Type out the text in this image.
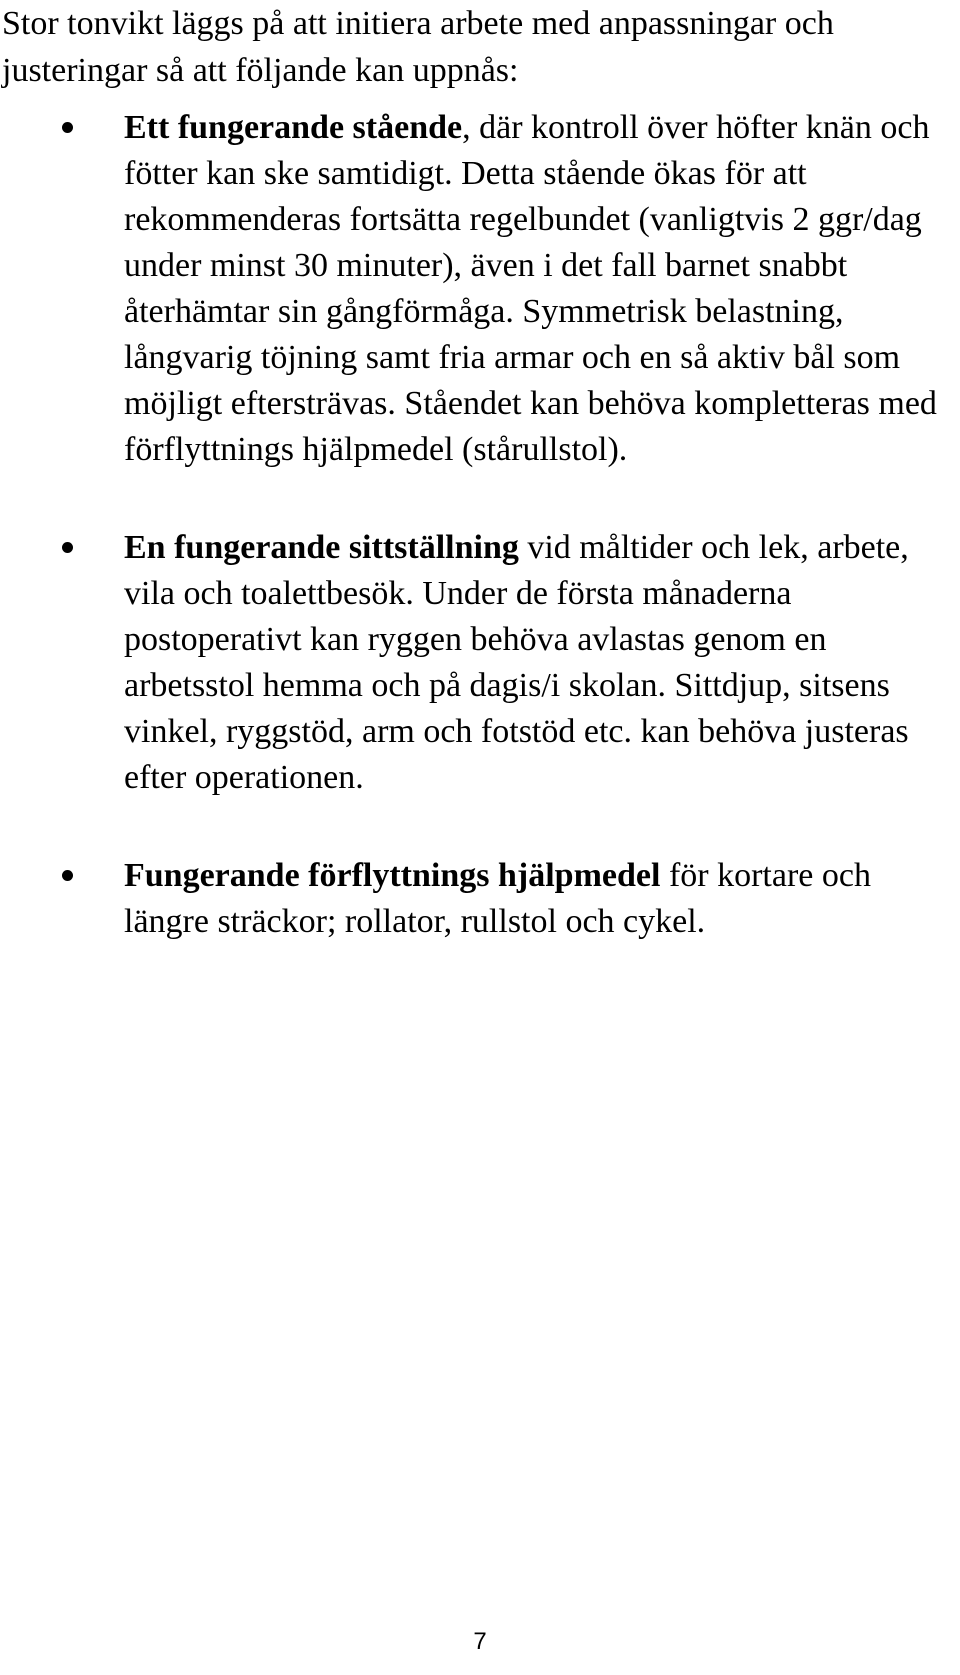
Stor tonvikt läggs på att initiera arbete med anpassningar och justeringar så att följande kan uppnås:

Ett fungerande stående, där kontroll över höfter knän och fötter kan ske samtidigt. Detta stående ökas för att rekommenderas fortsätta regelbundet (vanligtvis 2 ggr/dag under minst 30 minuter), även i det fall barnet snabbt återhämtar sin gångförmåga. Symmetrisk belastning, långvarig töjning samt fria armar och en så aktiv bål som möjligt eftersträvas. Ståendet kan behöva kompletteras med förflyttnings hjälpmedel (stårullstol).
En fungerande sittställning vid måltider och lek, arbete, vila och toalettbesök. Under de första månaderna postoperativt kan ryggen behöva avlastas genom en arbetsstol hemma och på dagis/i skolan. Sittdjup, sitsens vinkel, ryggstöd, arm och fotstöd etc. kan behöva justeras efter operationen.
Fungerande förflyttnings hjälpmedel för kortare och längre sträckor; rollator, rullstol och cykel.
7
